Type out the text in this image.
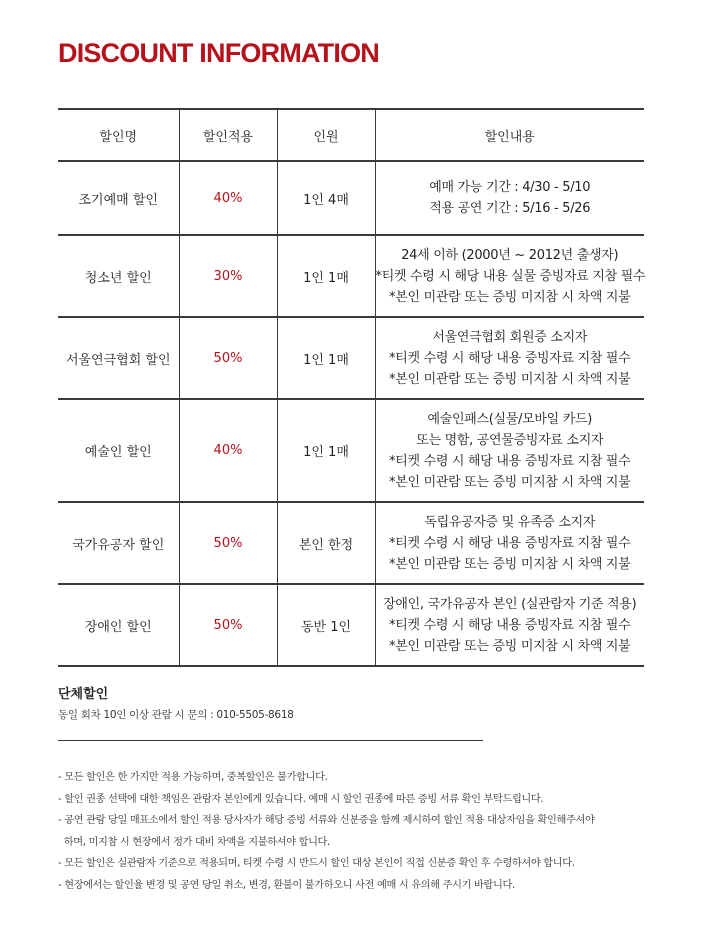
DISCOUNT INFORMATION
할인명	할인적용	인원	할인내용
조기예매 할인	40%	1인 4매	예매 가능 기간 : 4/30 - 5/10
적용 공연 기간 : 5/16 - 5/26

청소년 할인	30%	1인 1매	24세 이하 (2000년 ~ 2012년 출생자)
*티켓 수령 시 해당 내용 실물 증빙자료 지참 필수
*본인 미관람 또는 증빙 미지참 시 차액 지불

서울연극협회 할인	50%	1인 1매	서울연극협회 회원증 소지자
*티켓 수령 시 해당 내용 증빙자료 지참 필수
*본인 미관람 또는 증빙 미지참 시 차액 지불

예술인 할인	40%	1인 1매	예술인패스(실물/모바일 카드)
또는 명함, 공연물증빙자료 소지자
*티켓 수령 시 해당 내용 증빙자료 지참 필수
*본인 미관람 또는 증빙 미지참 시 차액 지불

국가유공자 할인	50%	본인 한정	독립유공자증 및 유족증 소지자
*티켓 수령 시 해당 내용 증빙자료 지참 필수
*본인 미관람 또는 증빙 미지참 시 차액 지불

장애인 할인	50%	동반 1인	장애인, 국가유공자 본인 (실관람자 기준 적용)
*티켓 수령 시 해당 내용 증빙자료 지참 필수
*본인 미관람 또는 증빙 미지참 시 차액 지불
단체할인
동일 회차 10인 이상 관람 시 문의 : 010-5505-8618
- 모든 할인은 한 가지만 적용 가능하며, 중복할인은 불가합니다.
- 할인 권종 선택에 대한 책임은 관람자 본인에게 있습니다. 예매 시 할인 권종에 따른 증빙 서류 확인 부탁드립니다.
- 공연 관람 당일 매표소에서 할인 적용 당사자가 해당 증빙 서류와 신분증을 함께 제시하여 할인 적용 대상자임을 확인해주셔야
하며, 미지참 시 현장에서 정가 대비 차액을 지불하셔야 합니다.
- 모든 할인은 실관람자 기준으로 적용되며, 티켓 수령 시 반드시 할인 대상 본인이 직접 신분증 확인 후 수령하셔야 합니다.
- 현장에서는 할인율 변경 및 공연 당일 취소, 변경, 환불이 불가하오니 사전 예매 시 유의해 주시기 바랍니다.
